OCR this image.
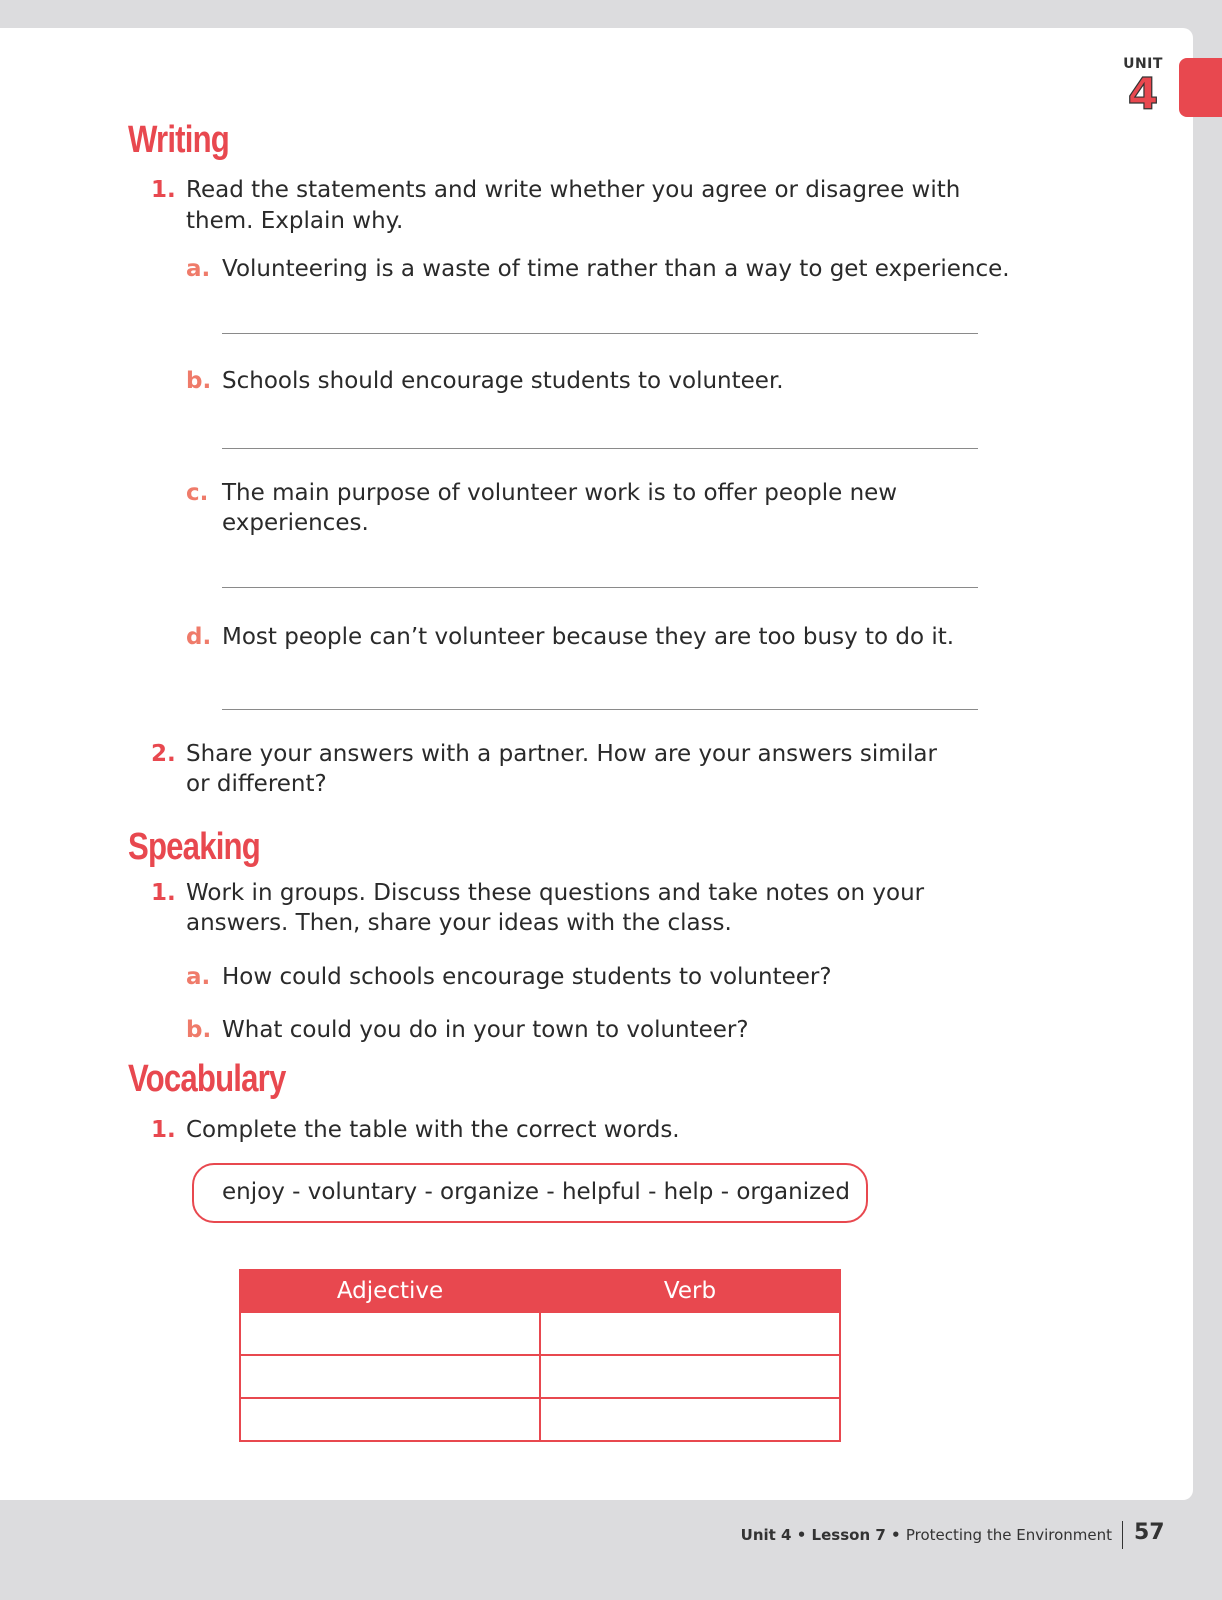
UNIT
4
Writing
1. Read the statements and write whether you agree or disagree with
them. Explain why.
a. Volunteering is a waste of time rather than a way to get experience.
b. Schools should encourage students to volunteer.
c. The main purpose of volunteer work is to offer people new
experiences.
d. Most people can’t volunteer because they are too busy to do it.
2. Share your answers with a partner. How are your answers similar
or different?
Speaking
1. Work in groups. Discuss these questions and take notes on your
answers. Then, share your ideas with the class.
a. How could schools encourage students to volunteer?
b. What could you do in your town to volunteer?
Vocabulary
1. Complete the table with the correct words.
enjoy - voluntary - organize - helpful - help - organized
Adjective	Verb

Unit 4 • Lesson 7 • Protecting the Environment 57
